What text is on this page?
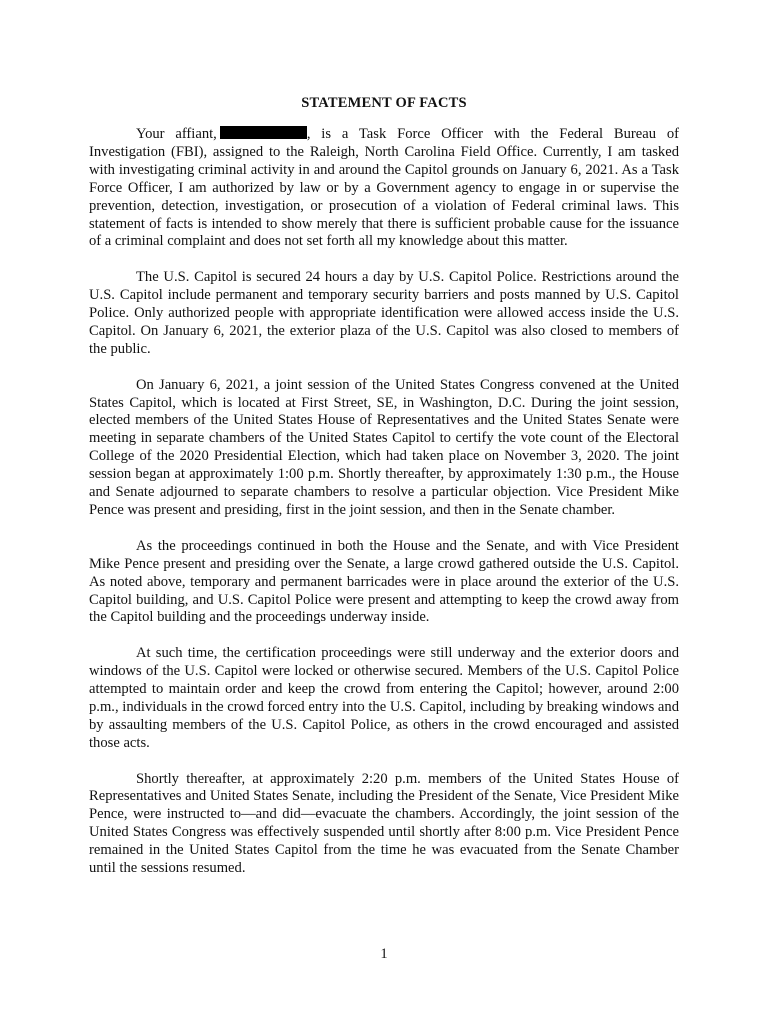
STATEMENT OF FACTS

Your affiant,	, is a Task Force Officer with the Federal Bureau of Investigation (FBI), assigned to the Raleigh, North Carolina Field Office. Currently, I am tasked with investigating criminal activity in and around the Capitol grounds on January 6, 2021. As a Task Force Officer, I am authorized by law or by a Government agency to engage in or supervise the prevention, detection, investigation, or prosecution of a violation of Federal criminal laws. This statement of facts is intended to show merely that there is sufficient probable cause for the issuance of a criminal complaint and does not set forth all my knowledge about this matter.

The U.S. Capitol is secured 24 hours a day by U.S. Capitol Police. Restrictions around the U.S. Capitol include permanent and temporary security barriers and posts manned by U.S. Capitol Police. Only authorized people with appropriate identification were allowed access inside the U.S. Capitol. On January 6, 2021, the exterior plaza of the U.S. Capitol was also closed to members of the public.

On January 6, 2021, a joint session of the United States Congress convened at the United States Capitol, which is located at First Street, SE, in Washington, D.C. During the joint session, elected members of the United States House of Representatives and the United States Senate were meeting in separate chambers of the United States Capitol to certify the vote count of the Electoral College of the 2020 Presidential Election, which had taken place on November 3, 2020. The joint session began at approximately 1:00 p.m. Shortly thereafter, by approximately 1:30 p.m., the House and Senate adjourned to separate chambers to resolve a particular objection. Vice President Mike Pence was present and presiding, first in the joint session, and then in the Senate chamber.

As the proceedings continued in both the House and the Senate, and with Vice President Mike Pence present and presiding over the Senate, a large crowd gathered outside the U.S. Capitol. As noted above, temporary and permanent barricades were in place around the exterior of the U.S. Capitol building, and U.S. Capitol Police were present and attempting to keep the crowd away from the Capitol building and the proceedings underway inside.

At such time, the certification proceedings were still underway and the exterior doors and windows of the U.S. Capitol were locked or otherwise secured. Members of the U.S. Capitol Police attempted to maintain order and keep the crowd from entering the Capitol; however, around 2:00 p.m., individuals in the crowd forced entry into the U.S. Capitol, including by breaking windows and by assaulting members of the U.S. Capitol Police, as others in the crowd encouraged and assisted those acts.

Shortly thereafter, at approximately 2:20 p.m. members of the United States House of Representatives and United States Senate, including the President of the Senate, Vice President Mike Pence, were instructed to—and did—evacuate the chambers. Accordingly, the joint session of the United States Congress was effectively suspended until shortly after 8:00 p.m. Vice President Pence remained in the United States Capitol from the time he was evacuated from the Senate Chamber until the sessions resumed.

1
